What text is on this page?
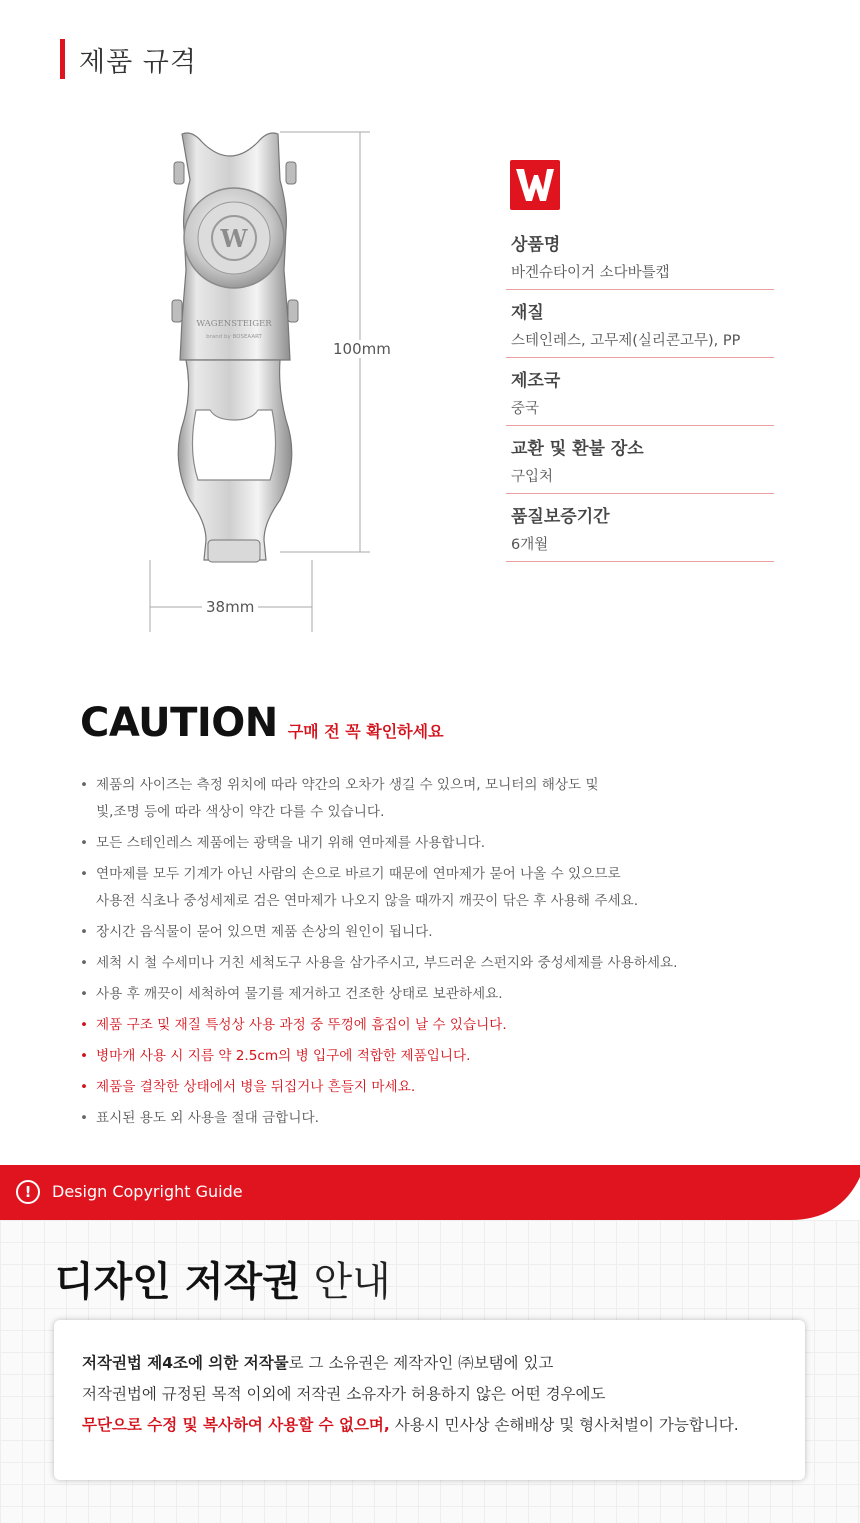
제품 규격
W
WAGENSTEIGER
brand by BOSEAART
100mm
38mm
상품명
바겐슈타이거 소다바틀캡
재질
스테인레스, 고무제(실리콘고무), PP
제조국
중국
교환 및 환불 장소
구입처
품질보증기간
6개월
CAUTION 구매 전 꼭 확인하세요
• 제품의 사이즈는 측정 위치에 따라 약간의 오차가 생길 수 있으며, 모니터의 해상도 및
빛,조명 등에 따라 색상이 약간 다를 수 있습니다.
• 모든 스테인레스 제품에는 광택을 내기 위해 연마제를 사용합니다.
• 연마제를 모두 기계가 아닌 사람의 손으로 바르기 때문에 연마제가 묻어 나올 수 있으므로
사용전 식초나 중성세제로 검은 연마제가 나오지 않을 때까지 깨끗이 닦은 후 사용해 주세요.
• 장시간 음식물이 묻어 있으면 제품 손상의 원인이 됩니다.
• 세척 시 철 수세미나 거친 세척도구 사용을 삼가주시고, 부드러운 스펀지와 중성세제를 사용하세요.
• 사용 후 깨끗이 세척하여 물기를 제거하고 건조한 상태로 보관하세요.
• 제품 구조 및 재질 특성상 사용 과정 중 뚜껑에 흠집이 날 수 있습니다.
• 병마개 사용 시 지름 약 2.5cm의 병 입구에 적합한 제품입니다.
• 제품을 결착한 상태에서 병을 뒤집거나 흔들지 마세요.
• 표시된 용도 외 사용을 절대 금합니다.
!	Design Copyright Guide
디자인 저작권 안내

저작권법 제4조에 의한 저작물로 그 소유권은 제작자인 ㈜보탬에 있고

저작권법에 규정된 목적 이외에 저작권 소유자가 허용하지 않은 어떤 경우에도

무단으로 수정 및 복사하여 사용할 수 없으며, 사용시 민사상 손해배상 및 형사처벌이 가능합니다.
